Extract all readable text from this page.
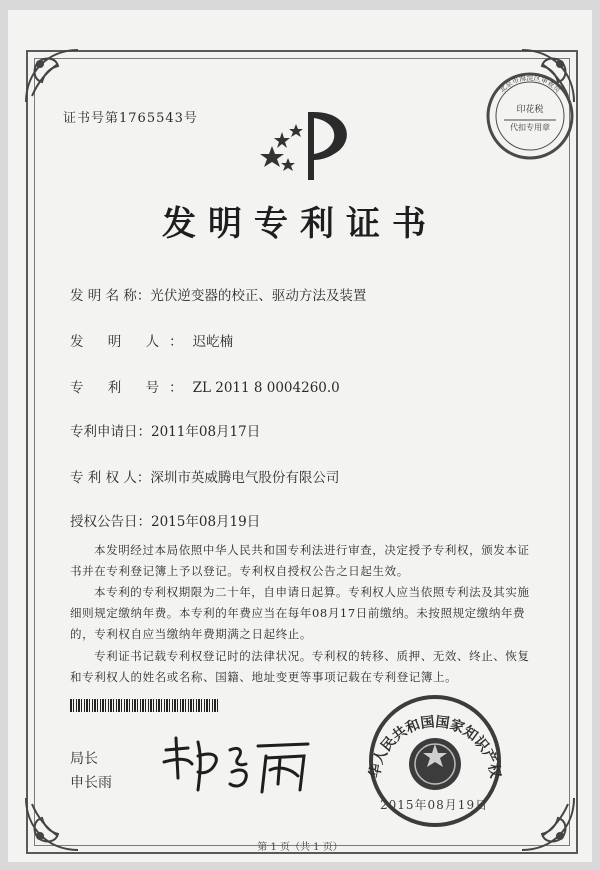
证书号第1765543号
印花税
代扣专用章
北京市海淀区审查员
发明专利证书
发 明 名 称：光伏逆变器的校正、驱动方法及装置
发 明 人：迟屹楠
专 利 号：ZL 2011 8 0004260.0
专利申请日：2011年08月17日
专 利 权 人：深圳市英威腾电气股份有限公司
授权公告日：2015年08月19日
本发明经过本局依照中华人民共和国专利法进行审查，决定授予专利权，颁发本证书并在专利登记簿上予以登记。专利权自授权公告之日起生效。
本专利的专利权期限为二十年，自申请日起算。专利权人应当依照专利法及其实施细则规定缴纳年费。本专利的年费应当在每年08月17日前缴纳。未按照规定缴纳年费的，专利权自应当缴纳年费期满之日起终止。
专利证书记载专利权登记时的法律状况。专利权的转移、质押、无效、终止、恢复和专利权人的姓名或名称、国籍、地址变更等事项记载在专利登记簿上。
局长
申长雨
华人民共和国国家知识产权
2015年08月19日
第 1 页（共 1 页）
